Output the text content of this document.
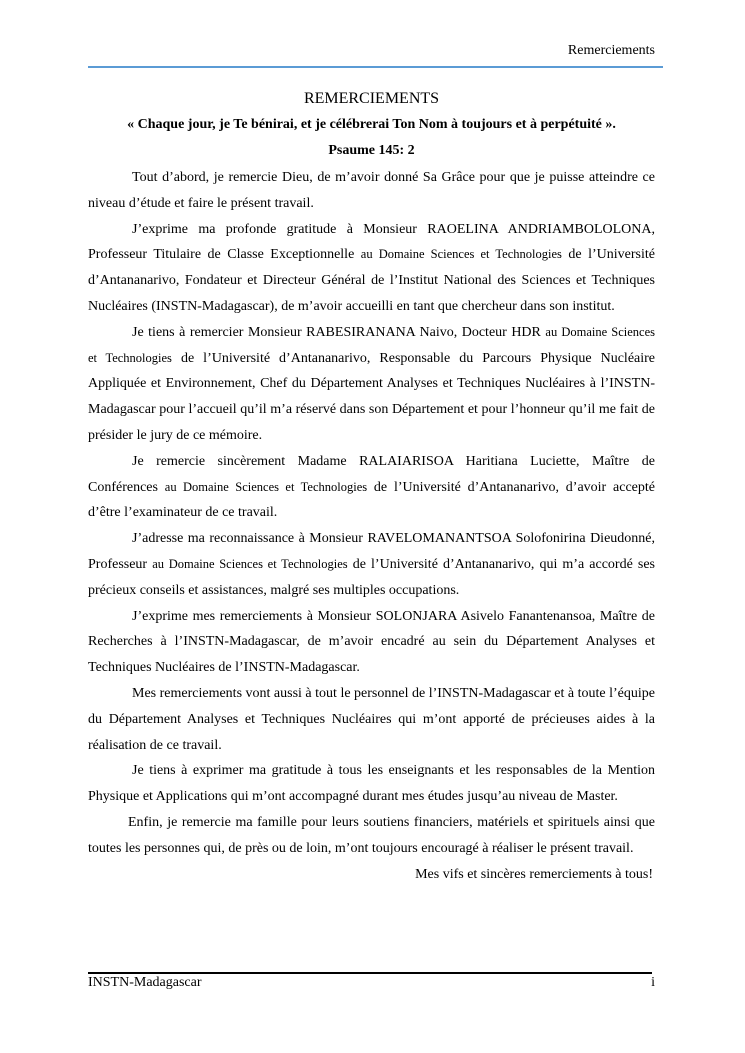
Remerciements

REMERCIEMENTS

« Chaque jour, je Te bénirai, et je célébrerai Ton Nom à toujours et à perpétuité ».

Psaume 145: 2

Tout d’abord, je remercie Dieu, de m’avoir donné Sa Grâce pour que je puisse atteindre ce niveau d’étude et faire le présent travail.

J’exprime ma profonde gratitude à Monsieur RAOELINA ANDRIAMBOLOLONA, Professeur Titulaire de Classe Exceptionnelle au Domaine Sciences et Technologies de l’Université d’Antananarivo, Fondateur et Directeur Général de l’Institut National des Sciences et Techniques Nucléaires (INSTN-Madagascar), de m’avoir accueilli en tant que chercheur dans son institut.

Je tiens à remercier Monsieur RABESIRANANA Naivo, Docteur HDR au Domaine Sciences et Technologies de l’Université d’Antananarivo, Responsable du Parcours Physique Nucléaire Appliquée et Environnement, Chef du Département Analyses et Techniques Nucléaires à l’INSTN-Madagascar pour l’accueil qu’il m’a réservé dans son Département et pour l’honneur qu’il me fait de présider le jury de ce mémoire.

Je remercie sincèrement Madame RALAIARISOA Haritiana Luciette, Maître de Conférences au Domaine Sciences et Technologies de l’Université d’Antananarivo, d’avoir accepté d’être l’examinateur de ce travail.

J’adresse ma reconnaissance à Monsieur RAVELOMANANTSOA Solofonirina Dieudonné, Professeur au Domaine Sciences et Technologies de l’Université d’Antananarivo, qui m’a accordé ses précieux conseils et assistances, malgré ses multiples occupations.

J’exprime mes remerciements à Monsieur SOLONJARA Asivelo Fanantenansoa, Maître de Recherches à l’INSTN-Madagascar, de m’avoir encadré au sein du Département Analyses et Techniques Nucléaires de l’INSTN-Madagascar.

Mes remerciements vont aussi à tout le personnel de l’INSTN-Madagascar et à toute l’équipe du Département Analyses et Techniques Nucléaires qui m’ont apporté de précieuses aides à la réalisation de ce travail.

Je tiens à exprimer ma gratitude à tous les enseignants et les responsables de la Mention Physique et Applications qui m’ont accompagné durant mes études jusqu’au niveau de Master.

Enfin, je remercie ma famille pour leurs soutiens financiers, matériels et spirituels ainsi que toutes les personnes qui, de près ou de loin, m’ont toujours encouragé à réaliser le présent travail.

Mes vifs et sincères remerciements à tous!

INSTN-Madagascar	i
